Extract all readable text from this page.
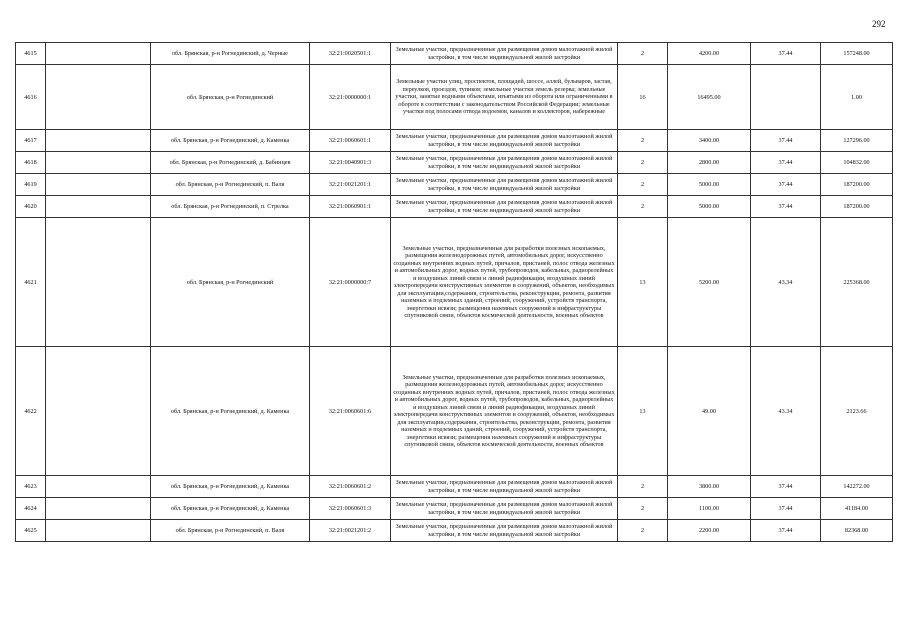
292
4615		обл. Брянская, р-н Рогнединский, д. Черные	32:21:0020501:1	Земельные участки, предназначенные для размещения домов малоэтажной жилой застройки, в том числе индивидуальной жилой застройки	2	4200.00	37.44	157248.00
4616		обл. Брянская, р-н Рогнединский	32:21:0000000:1	Земельные участки улиц, проспектов, площадей, шоссе, аллей, бульваров, застав, переулков, проездов, тупиков; земельные участки земель резерва; земельные участки, занятые водными объектами, изъятыми из оборота или ограниченными в обороте в соответствии с законодательством Российской Федерации; земельные участки под полосами отвода водоемов, каналов и коллекторов, набережные	16	16495.00		1.00
4617		обл. Брянская, р-н Рогнединский, д. Каменка	32:21:0060601:1	Земельные участки, предназначенные для размещения домов малоэтажной жилой застройки, в том числе индивидуальной жилой застройки	2	3400.00	37.44	127296.00
4618		обл. Брянская, р-н Рогнединский, д. Бабинцев	32:21:0040901:3	Земельные участки, предназначенные для размещения домов малоэтажной жилой застройки, в том числе индивидуальной жилой застройки	2	2800.00	37.44	104832.00
4619		обл. Брянская, р-н Рогнединский, п. Валя	32:21:0021201:1	Земельные участки, предназначенные для размещения домов малоэтажной жилой застройки, в том числе индивидуальной жилой застройки	2	5000.00	37.44	187200.00
4620		обл. Брянская, р-н Рогнединский, п. Стрелка	32:21:0060901:1	Земельные участки, предназначенные для размещения домов малоэтажной жилой застройки, в том числе индивидуальной жилой застройки	2	5000.00	37.44	187200.00
4621		обл. Брянская, р-н Рогнединский	32:21:0000000:7	Земельные участки, предназначенные для разработки полезных ископаемых, размещения железнодорожных путей, автомобильных дорог, искусственно созданных внутренних водных путей, причалов, пристаней, полос отвода железных и автомобильных дорог, водных путей, трубопроводов, кабельных, радиорелейных и воздушных линий связи и линий радиофикации, воздушных линий электропередачи конструктивных элементов и сооружений, объектов, необходимых для эксплуатации,содержания, строительства, реконструкции, ремонта, развития наземных и подземных зданий, строений, сооружений, устройств транспорта, энергетики исвязи; размещения наземных сооружений и инфраструктуры спутниковой связи, объектов космической деятельности, военных объектов	13	5200.00	43.34	225368.00
4622		обл. Брянская, р-н Рогнединский, д. Каменка	32:21:0060601:6	Земельные участки, предназначенные для разработки полезных ископаемых, размещения железнодорожных путей, автомобильных дорог, искусственно созданных внутренних водных путей, причалов, пристаней, полос отвода железных и автомобильных дорог, водных путей, трубопроводов, кабельных, радиорелейных и воздушных линий связи и линий радиофикации, воздушных линий электропередачи конструктивных элементов и сооружений, объектов, необходимых для эксплуатации,содержания, строительства, реконструкции, ремонта, развития наземных и подземных зданий, строений, сооружений, устройств транспорта, энергетики исвязи; размещения наземных сооружений и инфраструктуры спутниковой связи, объектов космической деятельности, военных объектов	13	49.00	43.34	2123.66
4623		обл. Брянская, р-н Рогнединский, д. Каменка	32:21:0060601:2	Земельные участки, предназначенные для размещения домов малоэтажной жилой застройки, в том числе индивидуальной жилой застройки	2	3800.00	37.44	142272.00
4624		обл. Брянская, р-н Рогнединский, д. Каменка	32:21:0060601:3	Земельные участки, предназначенные для размещения домов малоэтажной жилой застройки, в том числе индивидуальной жилой застройки	2	1100.00	37.44	41184.00
4625		обл. Брянская, р-н Рогнединский, п. Валя	32:21:0021201:2	Земельные участки, предназначенные для размещения домов малоэтажной жилой застройки, в том числе индивидуальной жилой застройки	2	2200.00	37.44	82368.00
